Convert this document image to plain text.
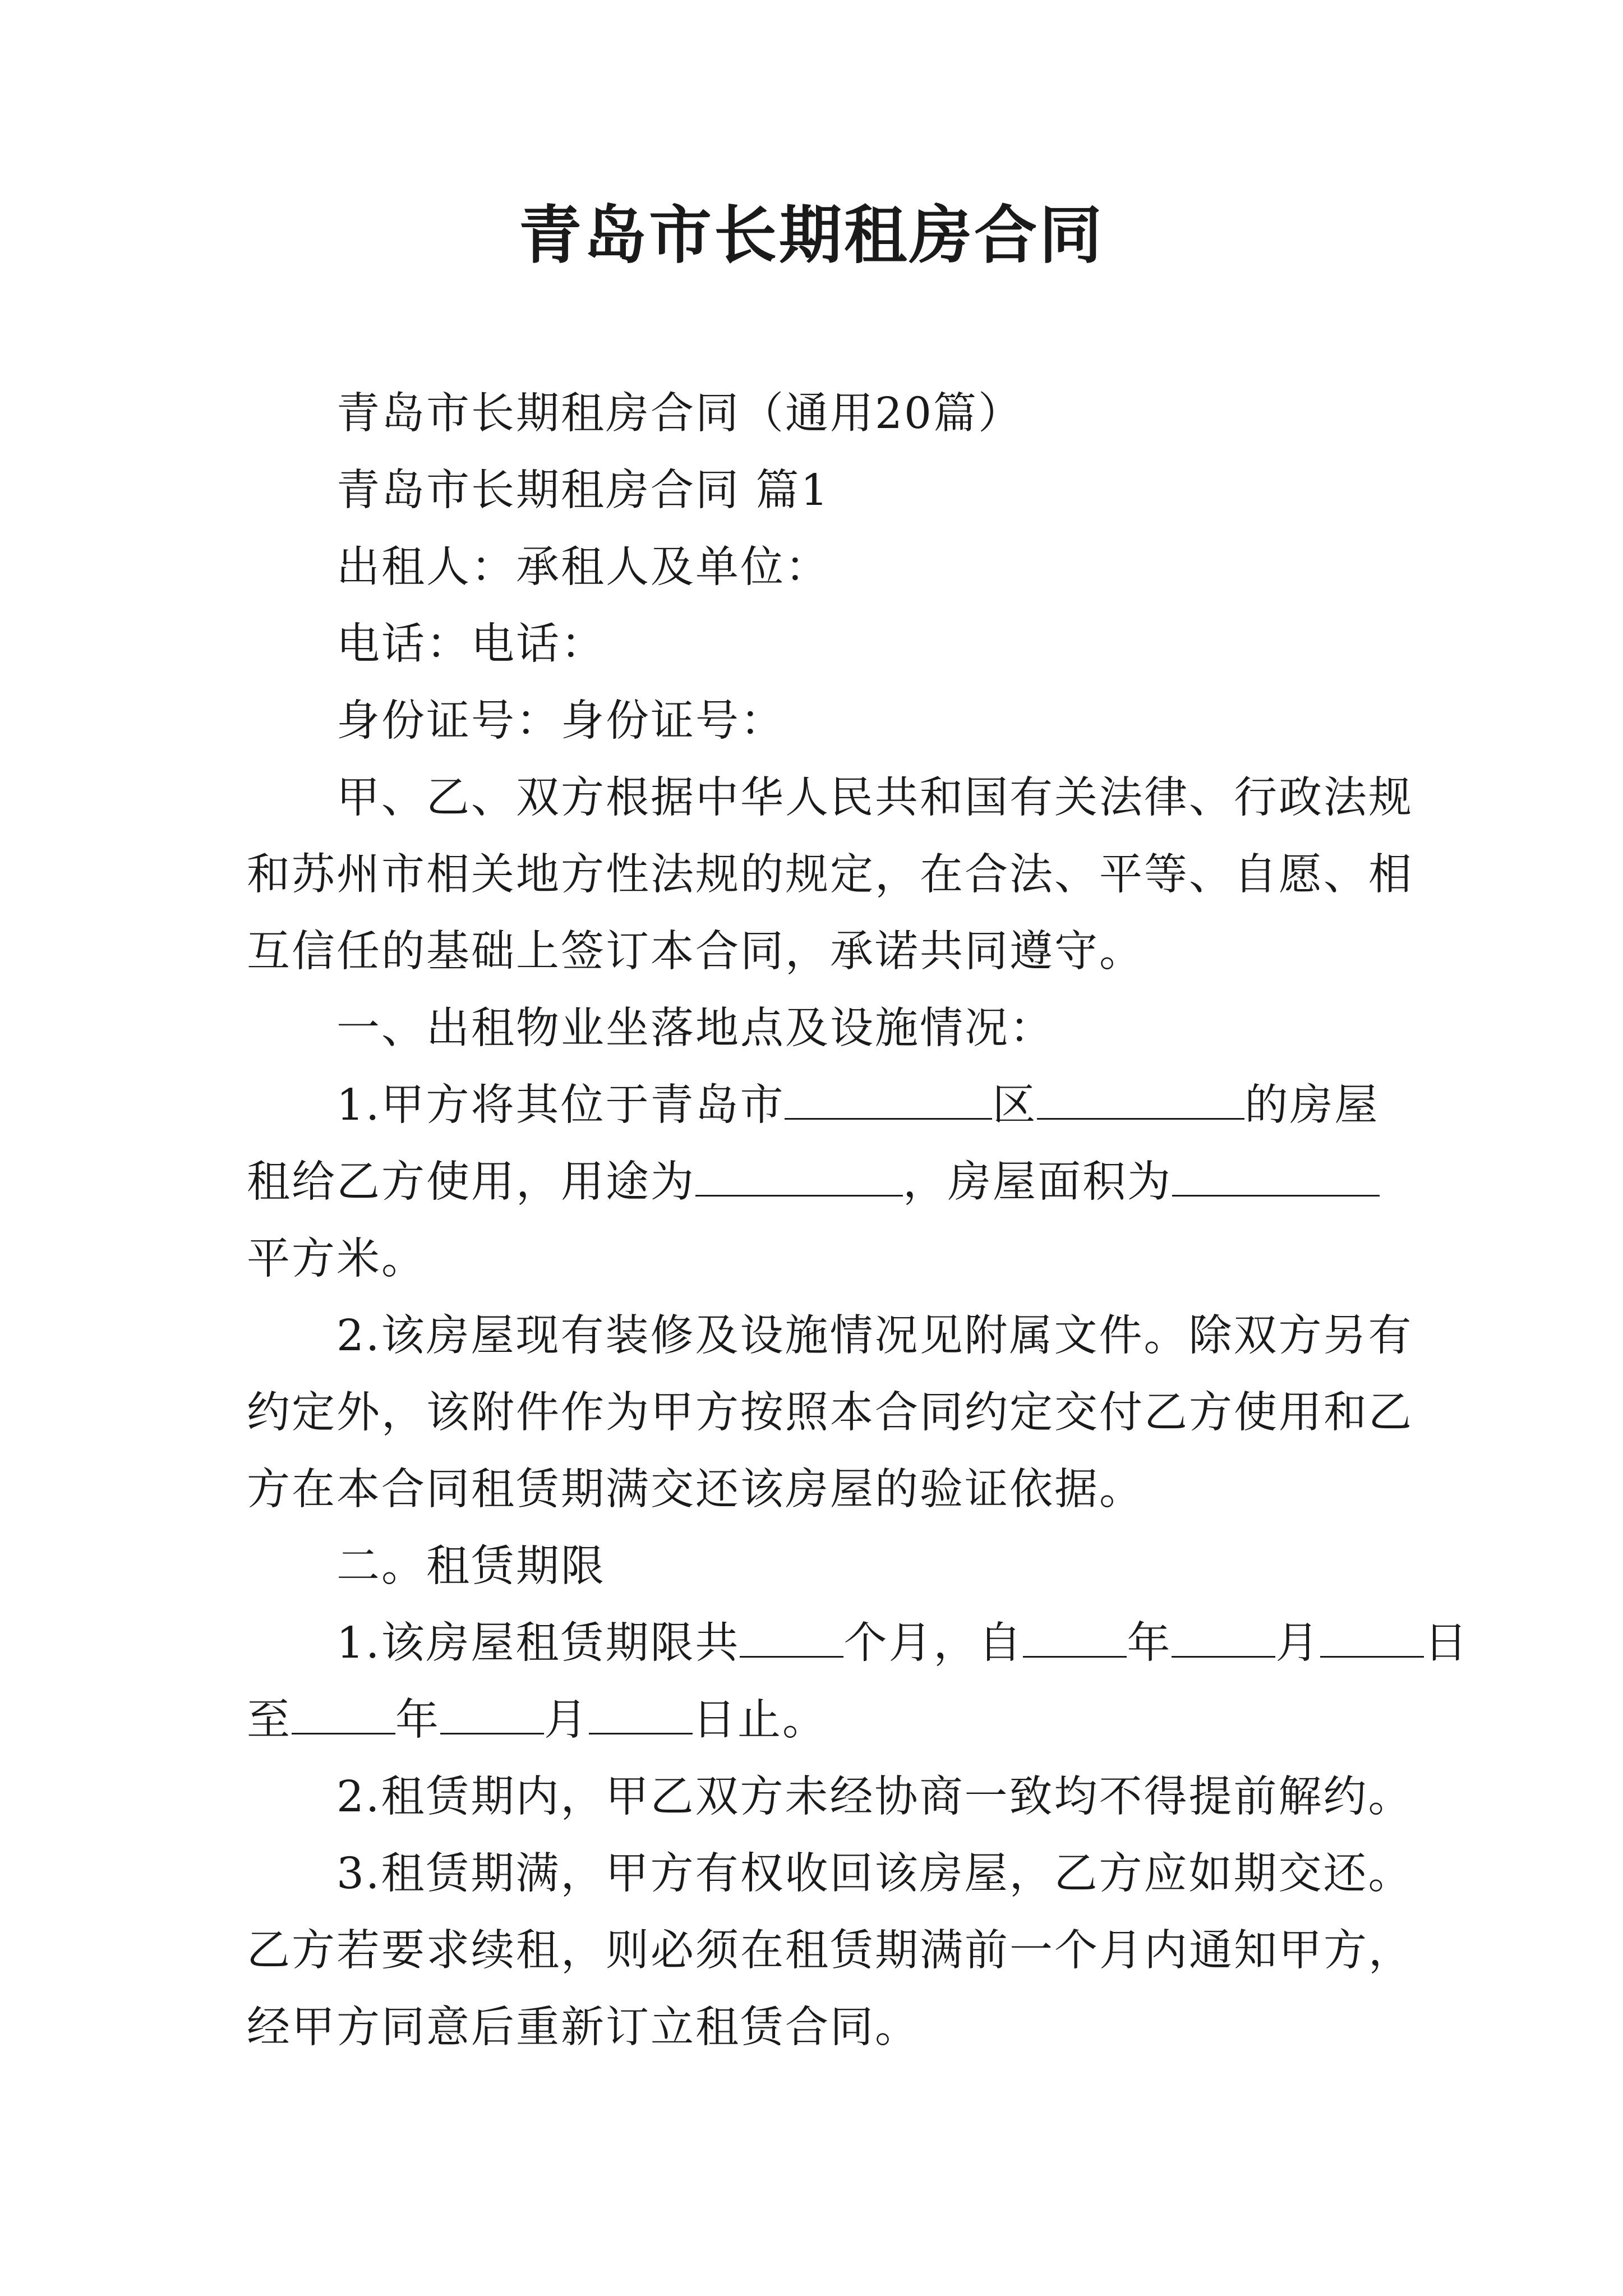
青岛市长期租房合同
青岛市长期租房合同（通用20篇）
青岛市长期租房合同 篇1
出租人：承租人及单位：
电话：电话：
身份证号：身份证号：
甲、乙、双方根据中华人民共和国有关法律、行政法规
和苏州市相关地方性法规的规定，在合法、平等、自愿、相
互信任的基础上签订本合同，承诺共同遵守。
一、出租物业坐落地点及设施情况：
1.甲方将其位于青岛市	区	的房屋
租给乙方使用，用途为	，房屋面积为
平方米。
2.该房屋现有装修及设施情况见附属文件。除双方另有
约定外，该附件作为甲方按照本合同约定交付乙方使用和乙
方在本合同租赁期满交还该房屋的验证依据。
二。租赁期限
1.该房屋租赁期限共 个月，自 年 月 日
至 年 月 日止。
2.租赁期内，甲乙双方未经协商一致均不得提前解约。
3.租赁期满，甲方有权收回该房屋，乙方应如期交还。
乙方若要求续租，则必须在租赁期满前一个月内通知甲方，
经甲方同意后重新订立租赁合同。
